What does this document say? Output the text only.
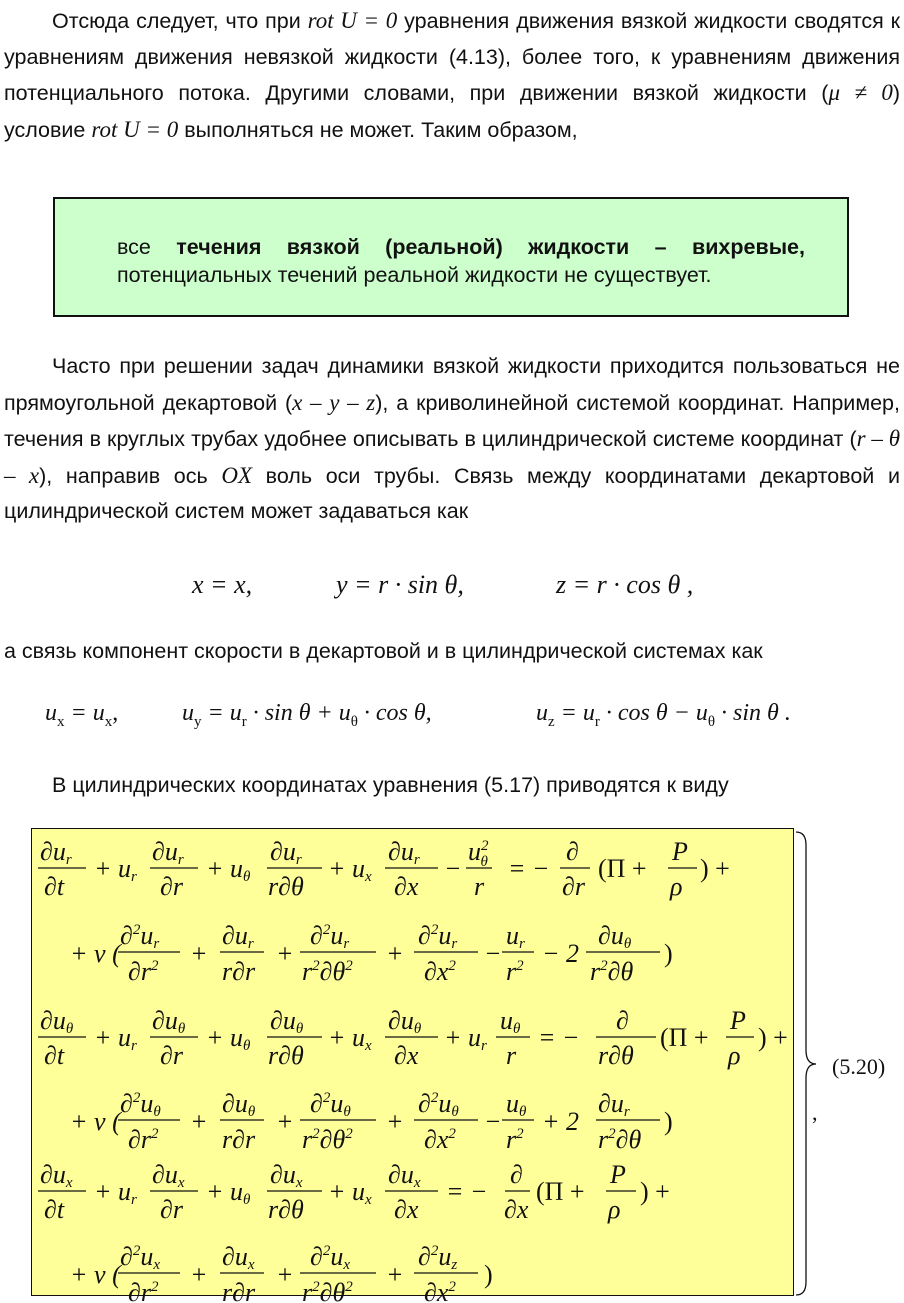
Отсюда следует, что при rot U = 0 уравнения движения вязкой жидкости сводятся к уравнениям движения невязкой жидкости (4.13), более того, к уравнениям движения потенциального потока. Другими словами, при движении вязкой жидкости (μ ≠ 0) условие rot U = 0 выполняться не может. Таким образом,
все течения вязкой (реальной) жидкости – вихревые,
потенциальных течений реальной жидкости не существует.
Часто при решении задач динамики вязкой жидкости приходится пользоваться не прямоугольной декартовой (x – y – z), а криволинейной системой координат. Например, течения в круглых трубах удобнее описывать в цилиндрической системе координат (r – θ – x), направив ось OX воль оси трубы. Связь между координатами декартовой и цилиндрической систем может задаваться как
x = x,	y = r · sin θ,	z = r · cos θ ,
а связь компонент скорости в декартовой и в цилиндрической системах как
$u_x = u_x$,	$u_y = u_r \cdot \sin \theta + u_\theta \cdot \cos \theta$,	$u_z = u_r \cdot \cos \theta - u_\theta \cdot \sin \theta$ .
В цилиндрических координатах уравнения (5.17) приводятся к виду
∂ur
∂t
+ ur
∂ur
∂r
+ uθ
∂ur
r∂θ
+ ux
∂ur
∂x
−
$u^2$ θ
r
= −
∂
∂r
(Π +
P
ρ
) +
+ ν (
∂$^2$ur
$\partial r^2$ +
∂ur
r∂r
+
∂$^2$ur
$r^2\partial\theta^2$ +
∂$^2$ur
$\partial x^2$ −
ur
$r^2 - 2$
∂uθ
$r^2\partial\theta$
)
∂uθ
∂t
+ ur
∂uθ
∂r
+ uθ
∂uθ
r∂θ
+ ux
∂uθ
∂x
+ ur
uθ
r
= −
∂
r∂θ
(Π +
P
ρ
) +
+ ν (
∂$^2$uθ
$\partial r^2$ +
∂uθ
r∂r
+
∂$^2$uθ
$r^2\partial\theta^2$ +
∂$^2$uθ
$\partial x^2$ −
uθ
$r^2 + 2$
∂ur
$r^2\partial\theta$
)
∂ux
∂t
+ ur
∂ux
∂r
+ uθ
∂ux
r∂θ
+ ux
∂ux
∂x
= −
∂
∂x
(Π +
P
ρ
) +
+ ν (
∂$^2$ux
$\partial r^2$ +
∂ux
r∂r
+
∂$^2$ux
$r^2\partial\theta^2$ +
∂$^2$uz
$\partial x^2$ )
(5.20)
,
